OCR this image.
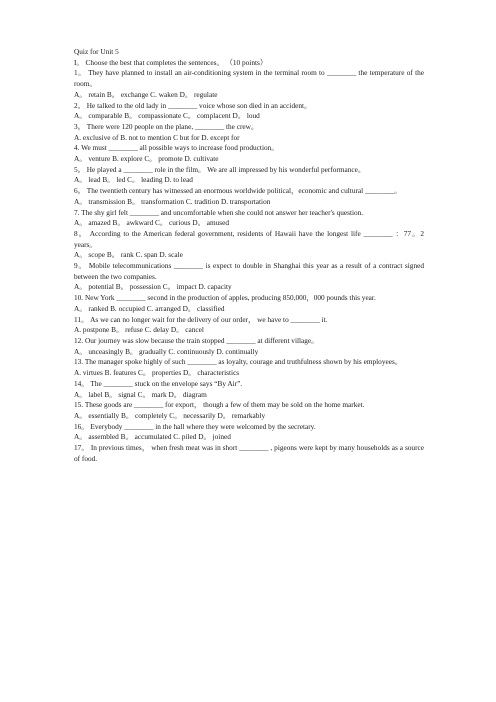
Quiz for Unit 5
I。 Choose the best that completes the sentences。 （10 points）
1。 They have planned to install an air-conditioning system in the terminal room to ________ the temperature of the room。
A。 retain B。 exchange C. waken D。 regulate
2。 He talked to the old lady in ________ voice whose son died in an accident。
A。 comparable B。 compassionate C。 complacent D。 loud
3。 There were 120 people on the plane, ________ the crew。
A. exclusive of B. not to mention C but for D. except for
4. We must ________ all possible ways to increase food production。
A。 venture B. explore C。 promote D. cultivate
5。 He played a ________ role in the film。 We are all impressed by his wonderful performance。
A。 lead B。 led C。 leading D. to lead
6。 The twentieth century has witnessed an enormous worldwide political，economic and cultural ________。
A。 transmission B。 transformation C. tradition D. transportation
7. The shy girl felt ________ and uncomfortable when she could not answer her teacher's question.
A。 amazed B。 awkward C。 curious D。 amused
8。 According to the American federal government, residents of Hawaii have the longest life ________ ：77。2 years。
A。 scope B。 rank C. span D. scale
9。 Mobile telecommunications ________ is expect to double in Shanghai this year as a result of a contract signed between the two companies.
A。 potential B。 possession C。 impact D. capacity
10. New York ________ second in the production of apples, producing 850,000，000 pounds this year.
A。 ranked B. occupied C. arranged D。 classified
11。 As we can no longer wait for the delivery of our order， we have to ________ it.
A. postpone B。 refuse C. delay D。 cancel
12. Our journey was slow because the train stopped ________ at different village。
A。 unceasingly B。 gradually C. continuously D. continually
13. The manager spoke highly of such ________ as loyalty, courage and truthfulness shown by his employees。
A. virtues B. features C。 properties D。 characteristics
14。 The ________ stuck on the envelope says “By Air”.
A。 label B。 signal C。 mark D。 diagram
15. These goods are ________ for export， though a few of them may be sold on the home market.
A。 essentially B。 completely C。 necessarily D。 remarkably
16。 Everybody ________ in the hall where they were welcomed by the secretary.
A。 assembled B。 accumulated C. piled D。 joined
17。 In previous times， when fresh meat was in short ________ , pigeons were kept by many households as a source of food.
